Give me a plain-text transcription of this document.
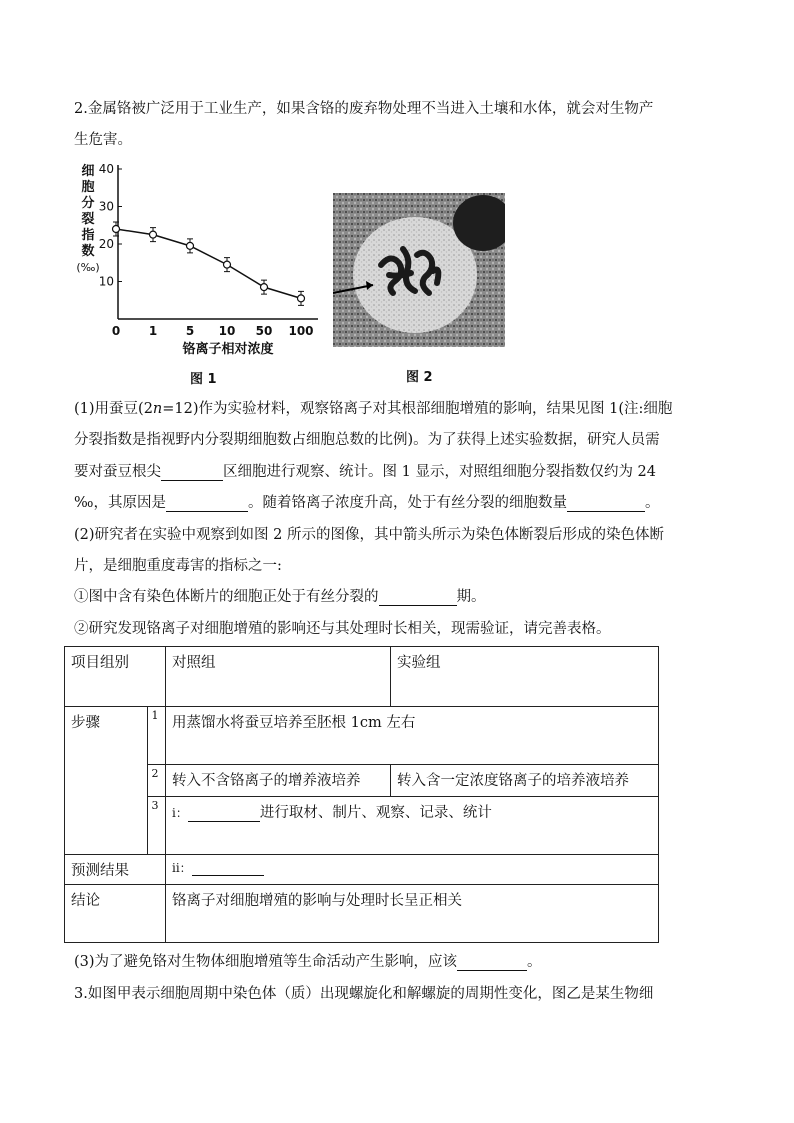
2.金属铬被广泛用于工业生产，如果含铬的废弃物处理不当进入土壤和水体，就会对生物产
生危害。
10
20
30
40
细
胞
分
裂
指
数
(‰)
0 1 5 10 50 100
铬离子相对浓度
图 1	图 2
(1)用蚕豆(2n=12)作为实验材料，观察铬离子对其根部细胞增殖的影响，结果见图 1(注:细胞
分裂指数是指视野内分裂期细胞数占细胞总数的比例)。为了获得上述实验数据，研究人员需
要对蚕豆根尖	区细胞进行观察、统计。图 1 显示，对照组细胞分裂指数仅约为 24
‰，其原因是	。随着铬离子浓度升高，处于有丝分裂的细胞数量	。
(2)研究者在实验中观察到如图 2 所示的图像，其中箭头所示为染色体断裂后形成的染色体断
片，是细胞重度毒害的指标之一:
①图中含有染色体断片的细胞正处于有丝分裂的	期。
②研究发现铬离子对细胞增殖的影响还与其处理时长相关，现需验证，请完善表格。
项目组别		对照组	实验组
步骤	1	用蒸馏水将蚕豆培养至胚根 1cm 左右	
	2	转入不含铬离子的增养液培养	转入含一定浓度铬离子的培养液培养
	3	i： 进行取材、制片、观察、记录、统计	
预测结果		ii：	
结论		铬离子对细胞增殖的影响与处理时长呈正相关	
(3)为了避免铬对生物体细胞增殖等生命活动产生影响，应该	。
3.如图甲表示细胞周期中染色体（质）出现螺旋化和解螺旋的周期性变化，图乙是某生物细
